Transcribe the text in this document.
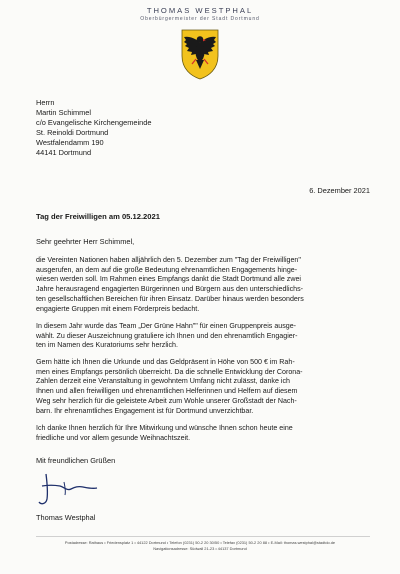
THOMAS WESTPHAL
Oberbürgermeister der Stadt Dortmund
Herrn
Martin Schimmel
c/o Evangelische Kirchengemeinde
St. Reinoldi Dortmund
Westfalendamm 190
44141 Dortmund
6. Dezember 2021
Tag der Freiwilligen am 05.12.2021
Sehr geehrter Herr Schimmel,

die Vereinten Nationen haben alljährlich den 5. Dezember zum "Tag der Freiwilligen"
ausgerufen, an dem auf die große Bedeutung ehrenamtlichen Engagements hinge-
wiesen werden soll. Im Rahmen eines Empfangs dankt die Stadt Dortmund alle zwei
Jahre herausragend engagierten Bürgerinnen und Bürgern aus den unterschiedlichs-
ten gesellschaftlichen Bereichen für ihren Einsatz. Darüber hinaus werden besonders
engagierte Gruppen mit einem Förderpreis bedacht.

In diesem Jahr wurde das Team „Der Grüne Hahn"" für einen Gruppenpreis ausge-
wählt. Zu dieser Auszeichnung gratuliere ich Ihnen und den ehrenamtlich Engagier-
ten im Namen des Kuratoriums sehr herzlich.

Gern hätte ich Ihnen die Urkunde und das Geldpräsent in Höhe von 500 € im Rah-
men eines Empfangs persönlich überreicht. Da die schnelle Entwicklung der Corona-
Zahlen derzeit eine Veranstaltung in gewohntem Umfang nicht zulässt, danke ich
Ihnen und allen freiwilligen und ehrenamtlichen Helferinnen und Helfern auf diesem
Weg sehr herzlich für die geleistete Arbeit zum Wohle unserer Großstadt der Nach-
barn. Ihr ehrenamtliches Engagement ist für Dortmund unverzichtbar.

Ich danke Ihnen herzlich für Ihre Mitwirkung und wünsche Ihnen schon heute eine
friedliche und vor allem gesunde Weihnachtszeit.

Mit freundlichen Grüßen
Thomas Westphal
Postadresse: Rathaus • Friedensplatz 1 • 44122 Dortmund • Telefon (0231) 50-2 20 30/50 • Telefax (0231) 50-2 20 88 • E-Mail: thomas.westphal@stadtdo.de
Navigationsadresse: Südwall 21-23 • 44137 Dortmund
